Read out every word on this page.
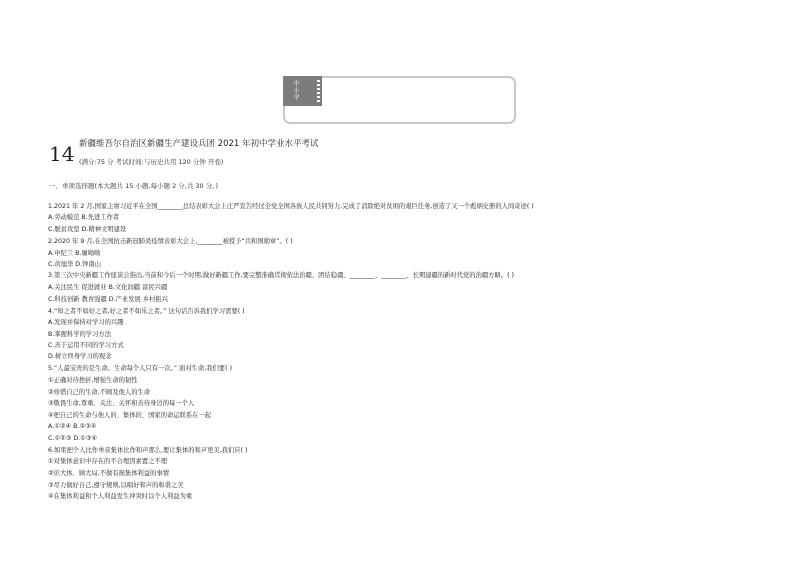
中小学
14 新疆维吾尔自治区新疆生产建设兵团 2021 年初中学业水平考试
(满分:75 分 考试时间:与历史共用 120 分钟 开卷)
一、单项选择题(本大题共 15 小题,每小题 2 分,共 30 分。)
1.2021 年 2 月,国家主席习近平在全国________总结表彰大会上庄严宣告经过全党全国各族人民共同努力,完成了消除绝对贫困的艰巨任务,创造了又一个彪炳史册的人间奇迹( )
A.劳动模范 B.先进工作者
C.脱贫攻坚 D.精神文明建设
2.2020 年 9 月,在全国抗击新冠肺炎疫情表彰大会上,________被授予“共和国勋章”。( )
A.申纪兰 B.屠呦呦
C.黄旭华 D.钟南山
3.第三次中央新疆工作座谈会指出,当前和今后一个时期,做好新疆工作,要完整准确贯彻依法治疆、团结稳疆、________、________、长期建疆的新时代党的治疆方略。( )
A.关注民生 促进就业 B.文化润疆 富民兴疆
C.科技创新 教育强疆 D.产业发展 乡村振兴
4.“知之者不如好之者,好之者不如乐之者。” 这句话告诉我们学习需要( )
A.发现并保持对学习的兴趣
B.掌握科学的学习方法
C.善于运用不同的学习方式
D.树立终身学习的观念
5.“人最宝贵的是生命。生命每个人只有一次。” 面对生命,我们要( )
①正确对待挫折,增强生命的韧性
②珍惜自己的生命,不顾及他人的生命
③敬畏生命,尊重、关注、关怀和善待身边的每一个人
④把自己的生命与他人的、集体的、国家的命运联系在一起
A.①②④ B.②③④
C.①②③ D.①③④
6.如果把个人比作单音集体比作和声那么,要让集体的和声更美,我们应( )
①对集体意识中存在的不合理因素置之不理
②识大体、顾大局,不做有损集体利益的事情
③尽力做好自己,遵守规则,以唱好和声的和谐之美
④在集体利益和个人利益发生冲突时以个人利益为重
